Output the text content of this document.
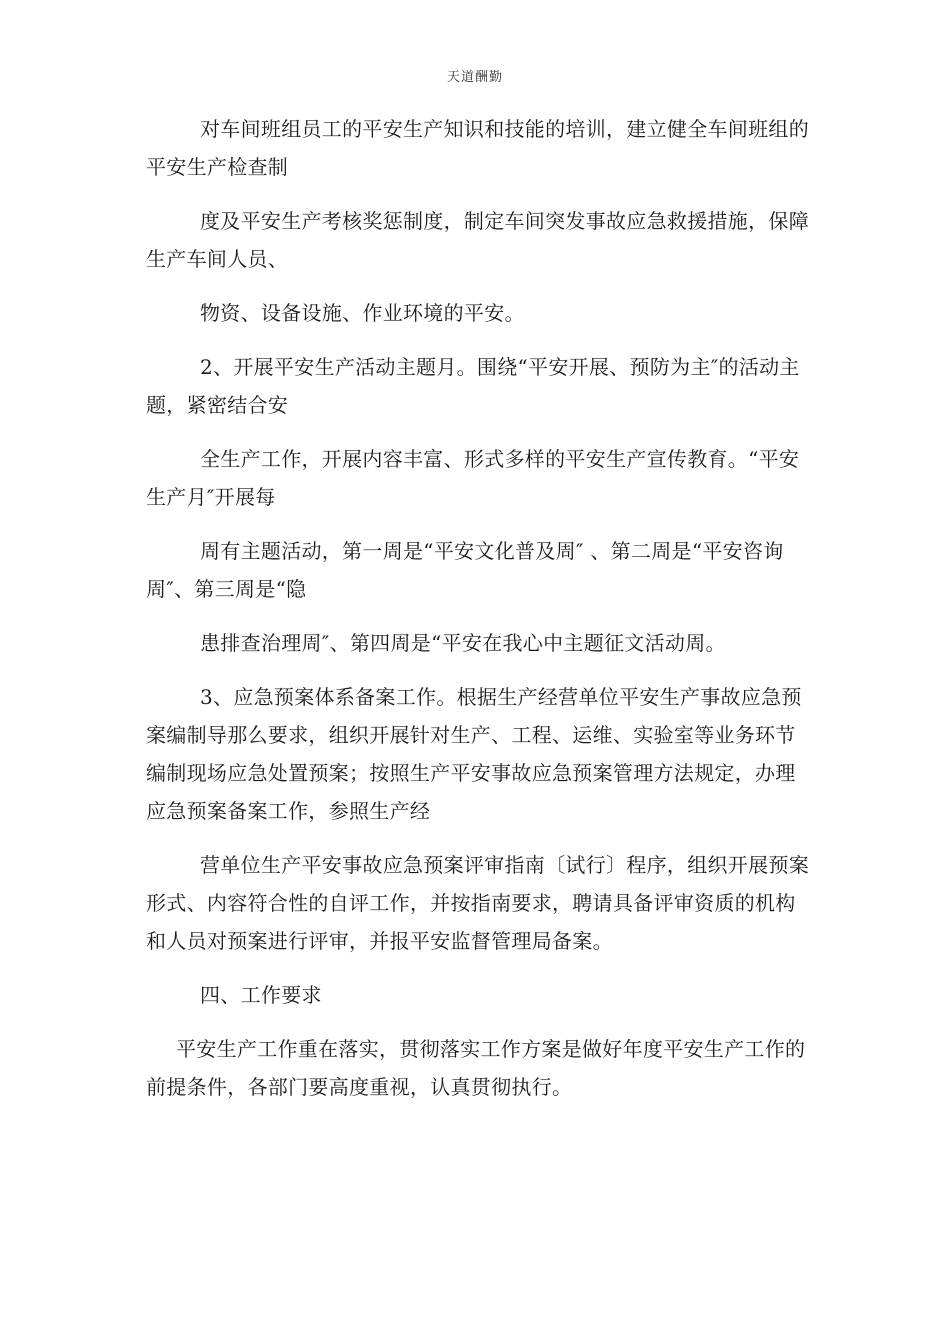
天道酬勤

对车间班组员工的平安生产知识和技能的培训，建立健全车间班组的平安生产检查制

度及平安生产考核奖惩制度，制定车间突发事故应急救援措施，保障生产车间人员、

物资、设备设施、作业环境的平安。

2、开展平安生产活动主题月。围绕“平安开展、预防为主″的活动主题，紧密结合安

全生产工作，开展内容丰富、形式多样的平安生产宣传教育。“平安生产月″开展每

周有主题活动，第一周是“平安文化普及周″ 、第二周是“平安咨询周″、第三周是“隐

患排查治理周″、第四周是“平安在我心中主题征文活动周。

3、应急预案体系备案工作。根据生产经营单位平安生产事故应急预案编制导那么要求，组织开展针对生产、工程、运维、实验室等业务环节编制现场应急处置预案；按照生产平安事故应急预案管理方法规定，办理应急预案备案工作，参照生产经

营单位生产平安事故应急预案评审指南〔试行〕程序，组织开展预案形式、内容符合性的自评工作，并按指南要求，聘请具备评审资质的机构和人员对预案进行评审，并报平安监督管理局备案。

四、工作要求

平安生产工作重在落实，贯彻落实工作方案是做好年度平安生产工作的前提条件，各部门要高度重视，认真贯彻执行。
